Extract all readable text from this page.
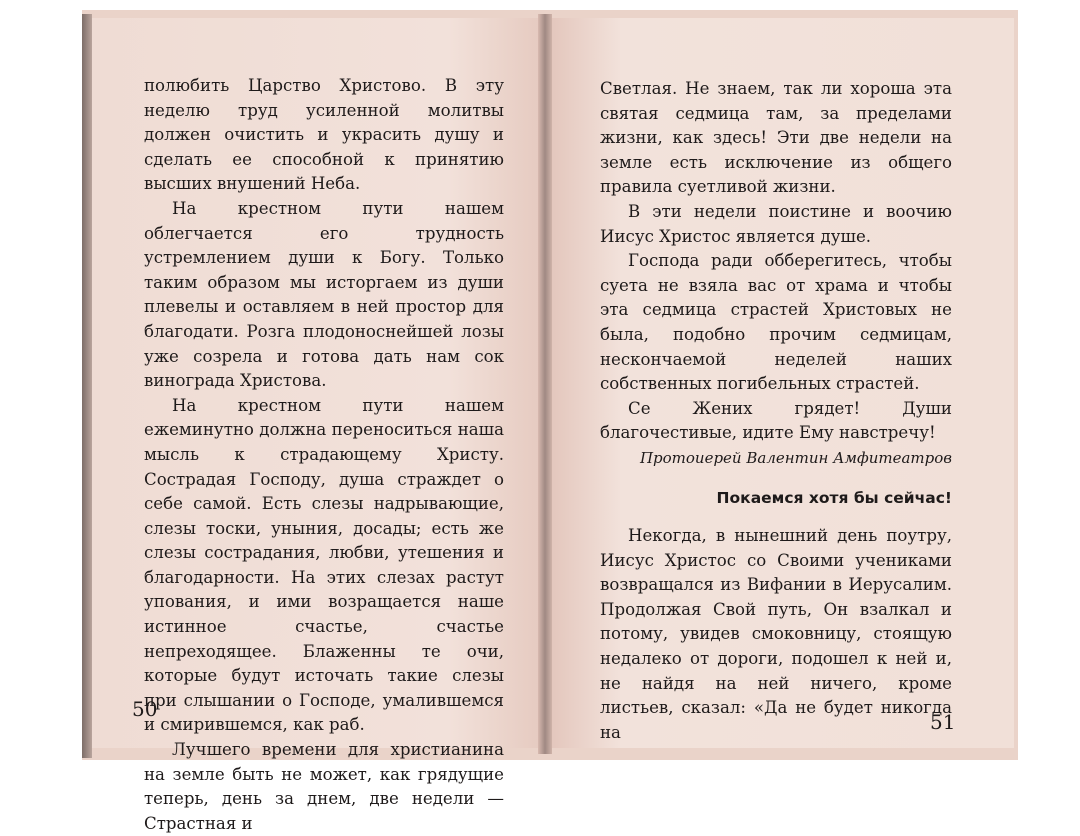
полюбить Царство Христово. В эту неделю труд усиленной молитвы должен очистить и украсить душу и сделать ее способной к принятию высших внушений Неба.

На крестном пути нашем облегчается его трудность устремлением души к Богу. Только таким образом мы исторгаем из души плевелы и оставляем в ней простор для благодати. Розга плодоноснейшей лозы уже созрела и готова дать нам сок винограда Христова.

На крестном пути нашем ежеминутно должна переноситься наша мысль к страдающему Христу. Сострадая Господу, душа страждет о себе самой. Есть слезы надрывающие, слезы тоски, уныния, досады; есть же слезы сострадания, любви, утешения и благодарности. На этих слезах растут упования, и ими возращается наше истинное счастье, счастье непреходящее. Блаженны те очи, которые будут источать такие слезы при слышании о Господе, умалившемся и смирившемся, как раб.

Лучшего времени для христианина на земле быть не может, как грядущие теперь, день за днем, две недели — Страстная и

50

Светлая. Не знаем, так ли хороша эта святая седмица там, за пределами жизни, как здесь! Эти две недели на земле есть исключение из общего правила суетливой жизни.

В эти недели поистине и воочию Иисус Христос является душе.

Господа ради обберегитесь, чтобы суета не взяла вас от храма и чтобы эта седмица страстей Христовых не была, подобно прочим седмицам, нескончаемой неделей наших собственных погибельных страстей.

Се Жених грядет! Души благочестивые, идите Ему навстречу!

Протоиерей Валентин Амфитеатров

Покаемся хотя бы сейчас!

Некогда, в нынешний день поутру, Иисус Христос со Своими учениками возвращался из Вифании в Иерусалим. Продолжая Свой путь, Он взалкал и потому, увидев смоковницу, стоящую недалеко от дороги, подошел к ней и, не найдя на ней ничего, кроме листьев, сказал: «Да не будет никогда на	51
